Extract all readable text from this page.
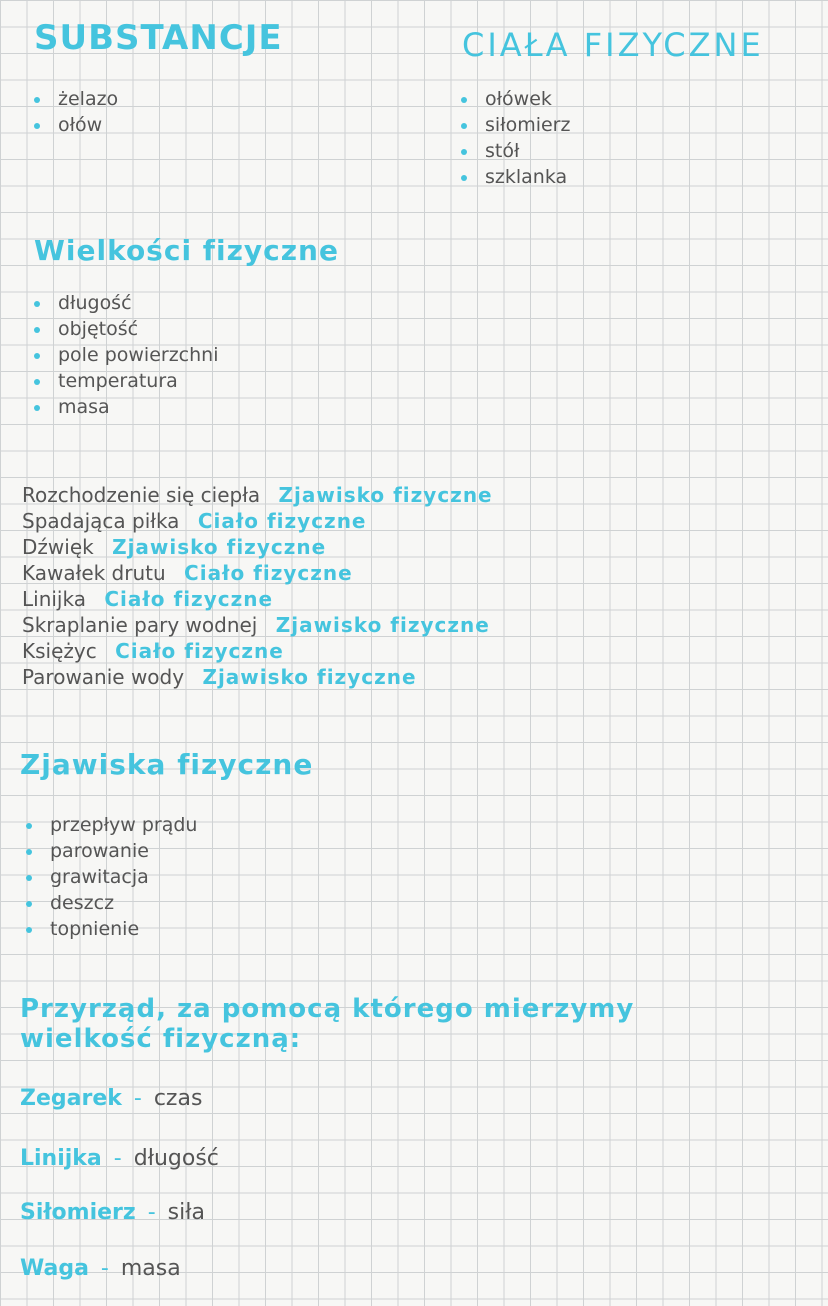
SUBSTANCJE
żelazo
ołów
CIAŁA FIZYCZNE
ołówek
siłomierz
stół
szklanka
Wielkości fizyczne
długość
objętość
pole powierzchni
temperatura
masa
Rozchodzenie się ciepła Zjawisko fizyczne
Spadająca piłka Ciało fizyczne
Dźwięk Zjawisko fizyczne
Kawałek drutu Ciało fizyczne
Linijka Ciało fizyczne
Skraplanie pary wodnej Zjawisko fizyczne
Księżyc Ciało fizyczne
Parowanie wody Zjawisko fizyczne
Zjawiska fizyczne
przepływ prądu
parowanie
grawitacja
deszcz
topnienie
Przyrząd, za pomocą którego mierzymy
wielkość fizyczną:
Zegarek - czas
Linijka - długość
Siłomierz - siła
Waga - masa
